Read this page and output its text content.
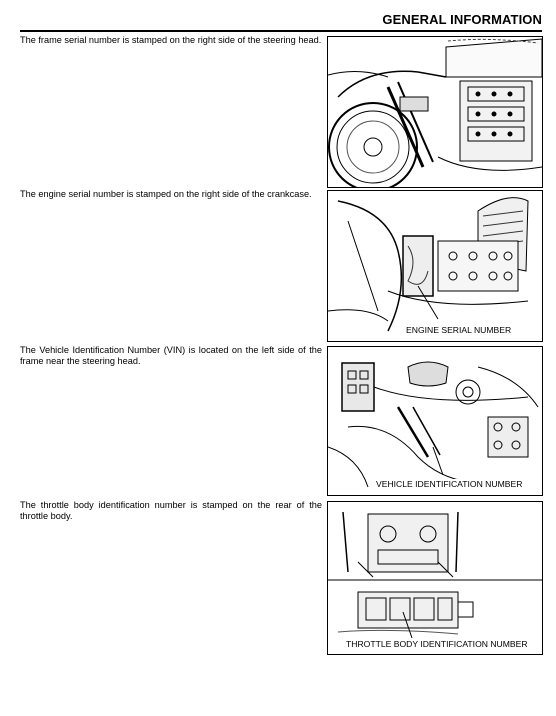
GENERAL INFORMATION
The frame serial number is stamped on the right side of the steering head.
The engine serial number is stamped on the right side of the crankcase.
ENGINE SERIAL NUMBER
The Vehicle Identification Number (VIN) is located on the left side of the frame near the steering head.
VEHICLE IDENTIFICATION NUMBER
The throttle body identification number is stamped on the rear of the throttle body.
THROTTLE BODY IDENTIFICATION NUMBER
